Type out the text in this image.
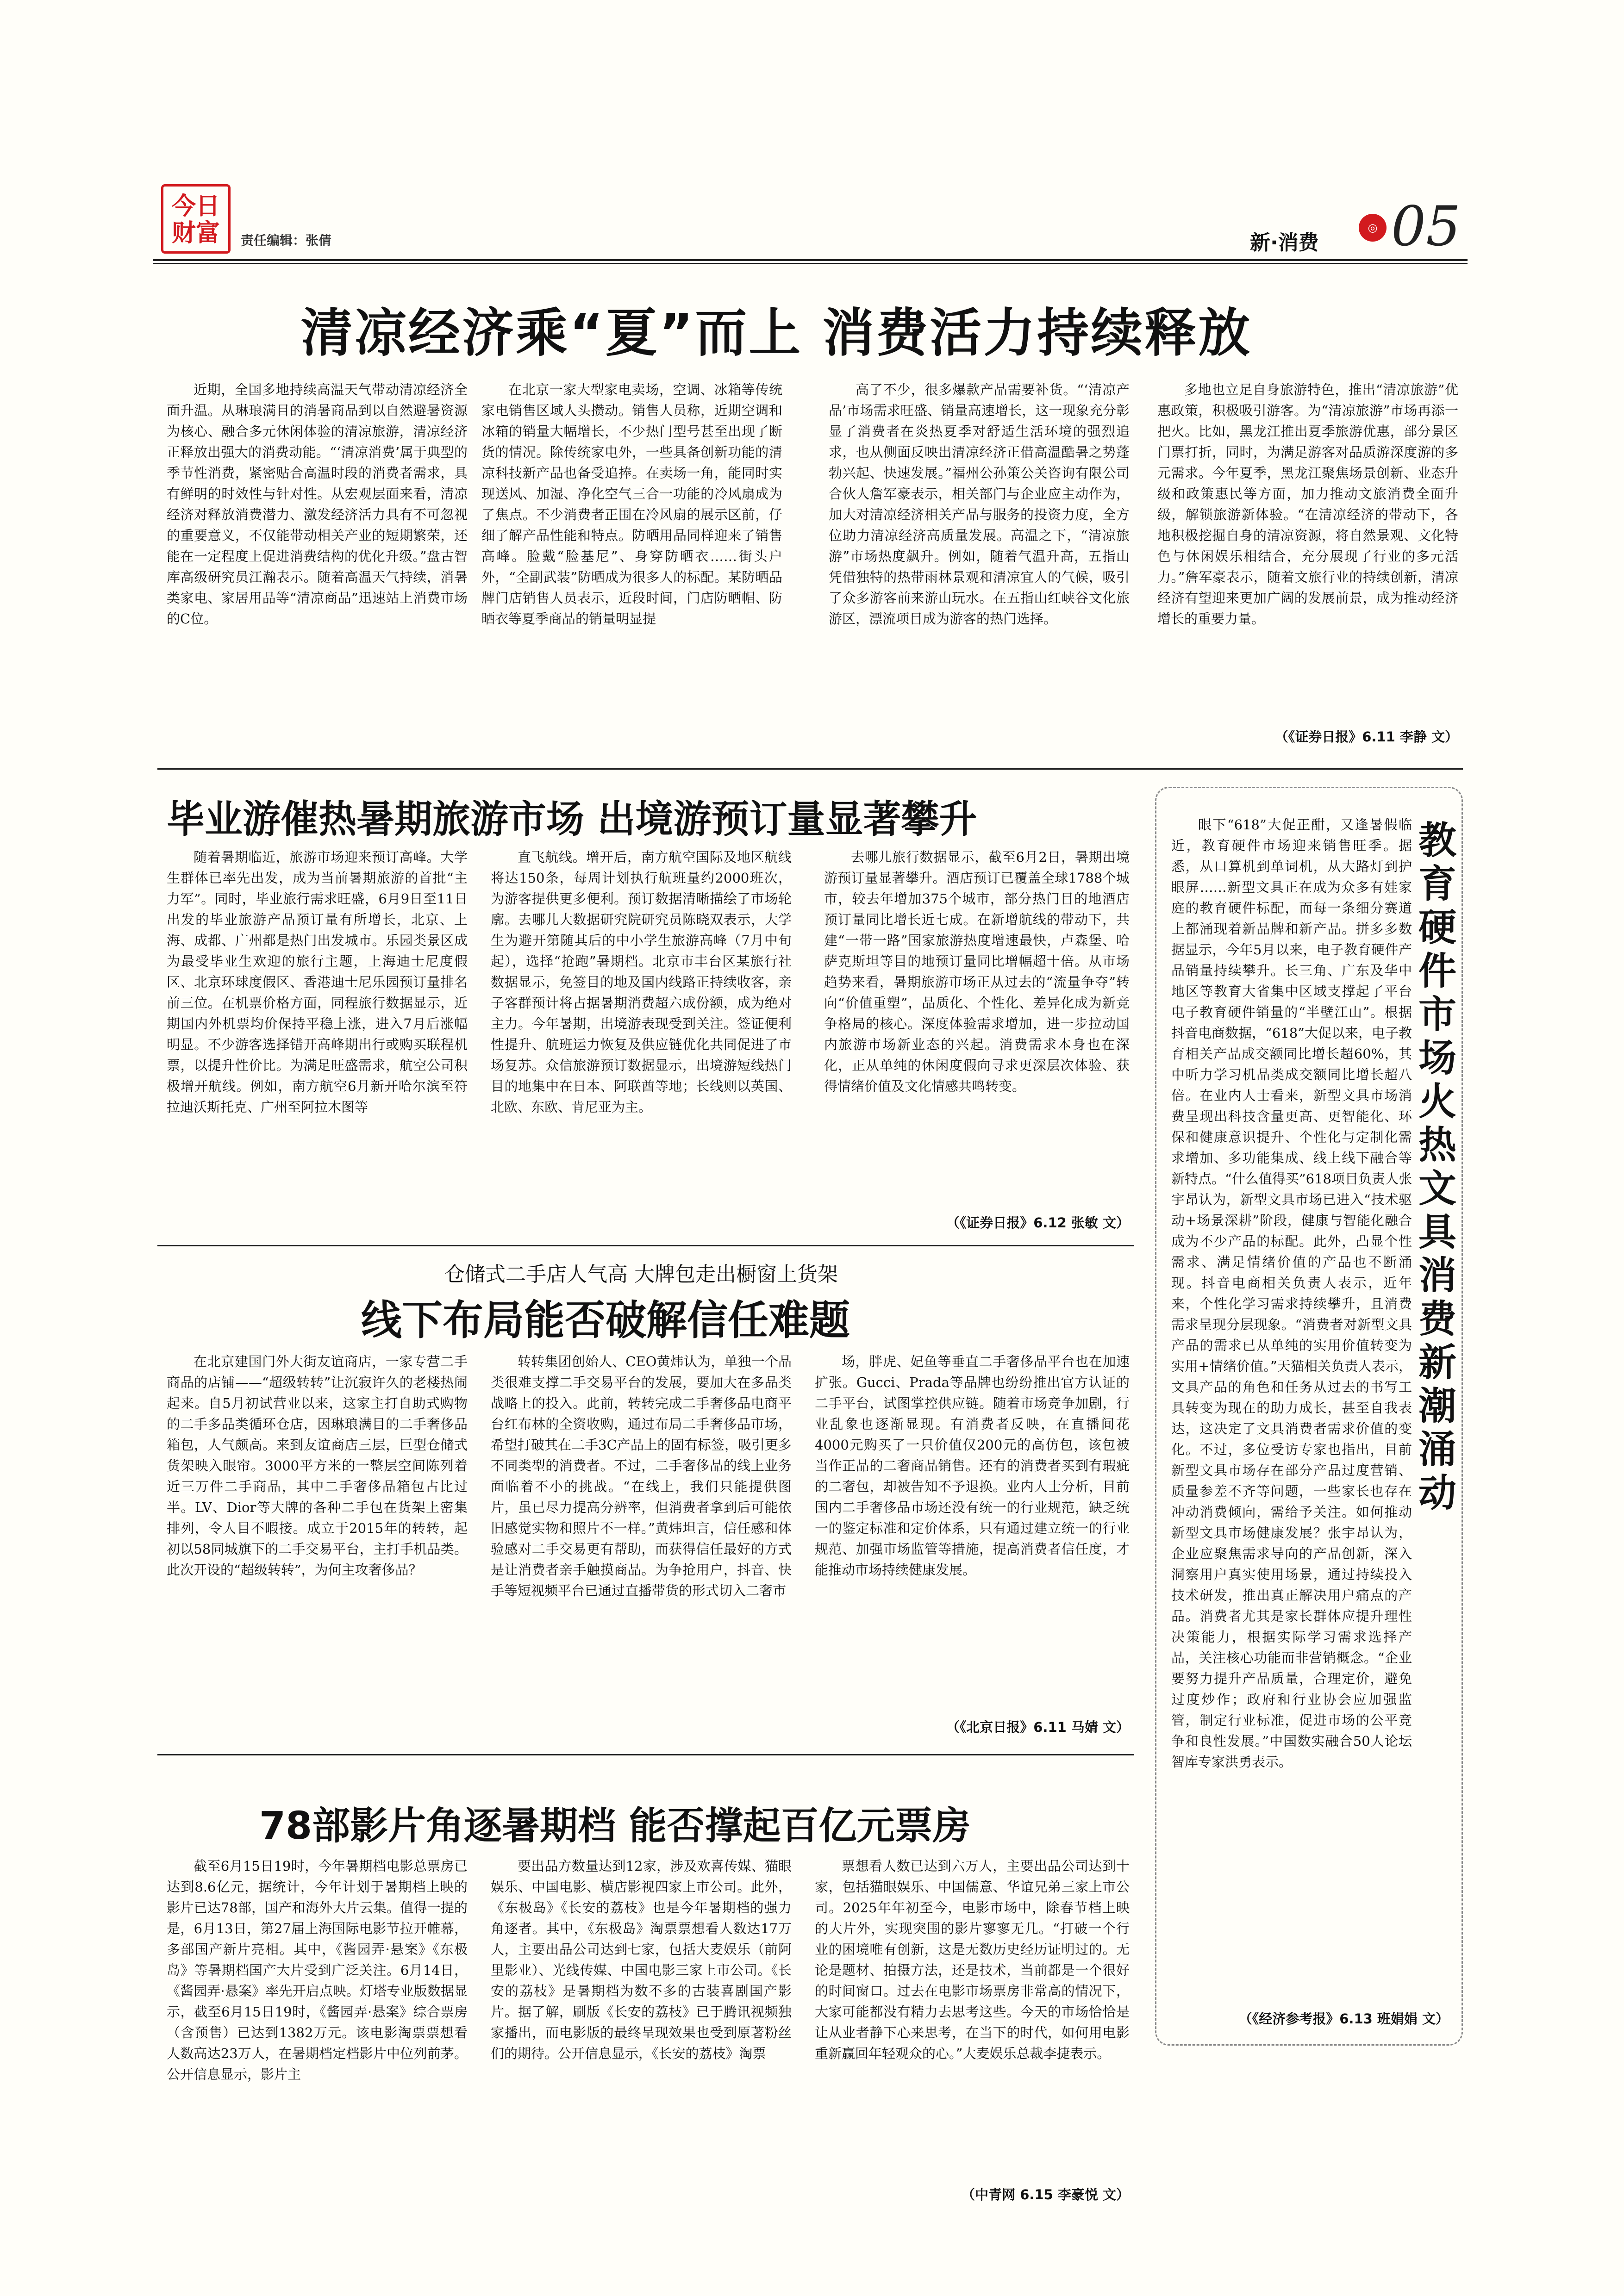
今日
财富	责任编辑：张倩	新·消费
◎ 05
清凉经济乘“夏”而上 消费活力持续释放

近期，全国多地持续高温天气带动清凉经济全面升温。从琳琅满目的消暑商品到以自然避暑资源为核心、融合多元休闲体验的清凉旅游，清凉经济正释放出强大的消费动能。“‘清凉消费’属于典型的季节性消费，紧密贴合高温时段的消费者需求，具有鲜明的时效性与针对性。从宏观层面来看，清凉经济对释放消费潜力、激发经济活力具有不可忽视的重要意义，不仅能带动相关产业的短期繁荣，还能在一定程度上促进消费结构的优化升级。”盘古智库高级研究员江瀚表示。随着高温天气持续，消暑类家电、家居用品等“清凉商品”迅速站上消费市场的C位。

在北京一家大型家电卖场，空调、冰箱等传统家电销售区域人头攒动。销售人员称，近期空调和冰箱的销量大幅增长，不少热门型号甚至出现了断货的情况。除传统家电外，一些具备创新功能的清凉科技新产品也备受追捧。在卖场一角，能同时实现送风、加湿、净化空气三合一功能的冷风扇成为了焦点。不少消费者正围在冷风扇的展示区前，仔细了解产品性能和特点。防晒用品同样迎来了销售高峰。脸戴“脸基尼”、身穿防晒衣……街头户外，“全副武装”防晒成为很多人的标配。某防晒品牌门店销售人员表示，近段时间，门店防晒帽、防晒衣等夏季商品的销量明显提

高了不少，很多爆款产品需要补货。“‘清凉产品’市场需求旺盛、销量高速增长，这一现象充分彰显了消费者在炎热夏季对舒适生活环境的强烈追求，也从侧面反映出清凉经济正借高温酷暑之势蓬勃兴起、快速发展。”福州公孙策公关咨询有限公司合伙人詹军豪表示，相关部门与企业应主动作为，加大对清凉经济相关产品与服务的投资力度，全方位助力清凉经济高质量发展。高温之下，“清凉旅游”市场热度飙升。例如，随着气温升高，五指山凭借独特的热带雨林景观和清凉宜人的气候，吸引了众多游客前来游山玩水。在五指山红峡谷文化旅游区，漂流项目成为游客的热门选择。

多地也立足自身旅游特色，推出“清凉旅游”优惠政策，积极吸引游客。为“清凉旅游”市场再添一把火。比如，黑龙江推出夏季旅游优惠，部分景区门票打折，同时，为满足游客对品质游深度游的多元需求。今年夏季，黑龙江聚焦场景创新、业态升级和政策惠民等方面，加力推动文旅消费全面升级，解锁旅游新体验。“在清凉经济的带动下，各地积极挖掘自身的清凉资源，将自然景观、文化特色与休闲娱乐相结合，充分展现了行业的多元活力。”詹军豪表示，随着文旅行业的持续创新，清凉经济有望迎来更加广阔的发展前景，成为推动经济增长的重要力量。

（《证券日报》6.11 李静 文）
毕业游催热暑期旅游市场 出境游预订量显著攀升

随着暑期临近，旅游市场迎来预订高峰。大学生群体已率先出发，成为当前暑期旅游的首批“主力军”。同时，毕业旅行需求旺盛，6月9日至11日出发的毕业旅游产品预订量有所增长，北京、上海、成都、广州都是热门出发城市。乐园类景区成为最受毕业生欢迎的旅行主题，上海迪士尼度假区、北京环球度假区、香港迪士尼乐园预订量排名前三位。在机票价格方面，同程旅行数据显示，近期国内外机票均价保持平稳上涨，进入7月后涨幅明显。不少游客选择错开高峰期出行或购买联程机票，以提升性价比。为满足旺盛需求，航空公司积极增开航线。例如，南方航空6月新开哈尔滨至符拉迪沃斯托克、广州至阿拉木图等

直飞航线。增开后，南方航空国际及地区航线将达150条，每周计划执行航班量约2000班次，为游客提供更多便利。预订数据清晰描绘了市场轮廓。去哪儿大数据研究院研究员陈晓双表示，大学生为避开第随其后的中小学生旅游高峰（7月中旬起），选择“抢跑”暑期档。北京市丰台区某旅行社数据显示，免签目的地及国内线路正持续收客，亲子客群预计将占据暑期消费超六成份额，成为绝对主力。今年暑期，出境游表现受到关注。签证便利性提升、航班运力恢复及供应链优化共同促进了市场复苏。众信旅游预订数据显示，出境游短线热门目的地集中在日本、阿联酋等地；长线则以英国、北欧、东欧、肯尼亚为主。

去哪儿旅行数据显示，截至6月2日，暑期出境游预订量显著攀升。酒店预订已覆盖全球1788个城市，较去年增加375个城市，部分热门目的地酒店预订量同比增长近七成。在新增航线的带动下，共建“一带一路”国家旅游热度增速最快，卢森堡、哈萨克斯坦等目的地预订量同比增幅超十倍。从市场趋势来看，暑期旅游市场正从过去的“流量争夺”转向“价值重塑”，品质化、个性化、差异化成为新竞争格局的核心。深度体验需求增加，进一步拉动国内旅游市场新业态的兴起。消费需求本身也在深化，正从单纯的休闲度假向寻求更深层次体验、获得情绪价值及文化情感共鸣转变。

（《证券日报》6.12 张敏 文）
仓储式二手店人气高 大牌包走出橱窗上货架
线下布局能否破解信任难题

在北京建国门外大街友谊商店，一家专营二手商品的店铺——“超级转转”让沉寂许久的老楼热闹起来。自5月初试营业以来，这家主打自助式购物的二手多品类循环仓店，因琳琅满目的二手奢侈品箱包，人气颇高。来到友谊商店三层，巨型仓储式货架映入眼帘。3000平方米的一整层空间陈列着近三万件二手商品，其中二手奢侈品箱包占比过半。LV、Dior等大牌的各种二手包在货架上密集排列，令人目不暇接。成立于2015年的转转，起初以58同城旗下的二手交易平台，主打手机品类。此次开设的“超级转转”，为何主攻奢侈品？

转转集团创始人、CEO黄炜认为，单独一个品类很难支撑二手交易平台的发展，要加大在多品类战略上的投入。此前，转转完成二手奢侈品电商平台红布林的全资收购，通过布局二手奢侈品市场，希望打破其在二手3C产品上的固有标签，吸引更多不同类型的消费者。不过，二手奢侈品的线上业务面临着不小的挑战。“在线上，我们只能提供图片，虽已尽力提高分辨率，但消费者拿到后可能依旧感觉实物和照片不一样。”黄炜坦言，信任感和体验感对二手交易更有帮助，而获得信任最好的方式是让消费者亲手触摸商品。为争抢用户，抖音、快手等短视频平台已通过直播带货的形式切入二奢市

场，胖虎、妃鱼等垂直二手奢侈品平台也在加速扩张。Gucci、Prada等品牌也纷纷推出官方认证的二手平台，试图掌控供应链。随着市场竞争加剧，行业乱象也逐渐显现。有消费者反映，在直播间花4000元购买了一只价值仅200元的高仿包，该包被当作正品的二奢商品销售。还有的消费者买到有瑕疵的二奢包，却被告知不予退换。业内人士分析，目前国内二手奢侈品市场还没有统一的行业规范，缺乏统一的鉴定标准和定价体系，只有通过建立统一的行业规范、加强市场监管等措施，提高消费者信任度，才能推动市场持续健康发展。

（《北京日报》6.11 马婧 文）
78部影片角逐暑期档 能否撑起百亿元票房

截至6月15日19时，今年暑期档电影总票房已达到8.6亿元，据统计，今年计划于暑期档上映的影片已达78部，国产和海外大片云集。值得一提的是，6月13日，第27届上海国际电影节拉开帷幕，多部国产新片亮相。其中，《酱园弄·悬案》《东极岛》等暑期档国产大片受到广泛关注。6月14日，《酱园弄·悬案》率先开启点映。灯塔专业版数据显示，截至6月15日19时，《酱园弄·悬案》综合票房（含预售）已达到1382万元。该电影淘票票想看人数高达23万人，在暑期档定档影片中位列前茅。公开信息显示，影片主

要出品方数量达到12家，涉及欢喜传媒、猫眼娱乐、中国电影、横店影视四家上市公司。此外，《东极岛》《长安的荔枝》也是今年暑期档的强力角逐者。其中，《东极岛》淘票票想看人数达17万人，主要出品公司达到七家，包括大麦娱乐（前阿里影业）、光线传媒、中国电影三家上市公司。《长安的荔枝》是暑期档为数不多的古装喜剧国产影片。据了解，刷版《长安的荔枝》已于腾讯视频独家播出，而电影版的最终呈现效果也受到原著粉丝们的期待。公开信息显示，《长安的荔枝》淘票

票想看人数已达到六万人，主要出品公司达到十家，包括猫眼娱乐、中国儒意、华谊兄弟三家上市公司。2025年年初至今，电影市场中，除春节档上映的大片外，实现突围的影片寥寥无几。“打破一个行业的困境唯有创新，这是无数历史经历证明过的。无论是题材、拍摄方法，还是技术，当前都是一个很好的时间窗口。过去在电影市场票房非常高的情况下，大家可能都没有精力去思考这些。今天的市场恰恰是让从业者静下心来思考，在当下的时代，如何用电影重新赢回年轻观众的心。”大麦娱乐总裁李捷表示。

（中青网 6.15 李豪悦 文）
教育硬件市场火热 文具消费新潮涌动

眼下“618”大促正酣，又逢暑假临近，教育硬件市场迎来销售旺季。据悉，从口算机到单词机，从大路灯到护眼屏……新型文具正在成为众多有娃家庭的教育硬件标配，而每一条细分赛道上都涌现着新品牌和新产品。拼多多数据显示，今年5月以来，电子教育硬件产品销量持续攀升。长三角、广东及华中地区等教育大省集中区域支撑起了平台电子教育硬件销量的“半壁江山”。根据抖音电商数据，“618”大促以来，电子教育相关产品成交额同比增长超60%，其中听力学习机品类成交额同比增长超八倍。在业内人士看来，新型文具市场消费呈现出科技含量更高、更智能化、环保和健康意识提升、个性化与定制化需求增加、多功能集成、线上线下融合等新特点。“什么值得买”618项目负责人张宇昂认为，新型文具市场已进入“技术驱动+场景深耕”阶段，健康与智能化融合成为不少产品的标配。此外，凸显个性需求、满足情绪价值的产品也不断涌现。抖音电商相关负责人表示，近年来，个性化学习需求持续攀升，且消费需求呈现分层现象。“消费者对新型文具产品的需求已从单纯的实用价值转变为实用+情绪价值。”天猫相关负责人表示，文具产品的角色和任务从过去的书写工具转变为现在的助力成长，甚至自我表达，这决定了文具消费者需求价值的变化。不过，多位受访专家也指出，目前新型文具市场存在部分产品过度营销、质量参差不齐等问题，一些家长也存在冲动消费倾向，需给予关注。如何推动新型文具市场健康发展？张宇昂认为，企业应聚焦需求导向的产品创新，深入洞察用户真实使用场景，通过持续投入技术研发，推出真正解决用户痛点的产品。消费者尤其是家长群体应提升理性决策能力，根据实际学习需求选择产品，关注核心功能而非营销概念。“企业要努力提升产品质量，合理定价，避免过度炒作；政府和行业协会应加强监管，制定行业标准，促进市场的公平竞争和良性发展。”中国数实融合50人论坛智库专家洪勇表示。

（《经济参考报》6.13 班娟娟 文）
